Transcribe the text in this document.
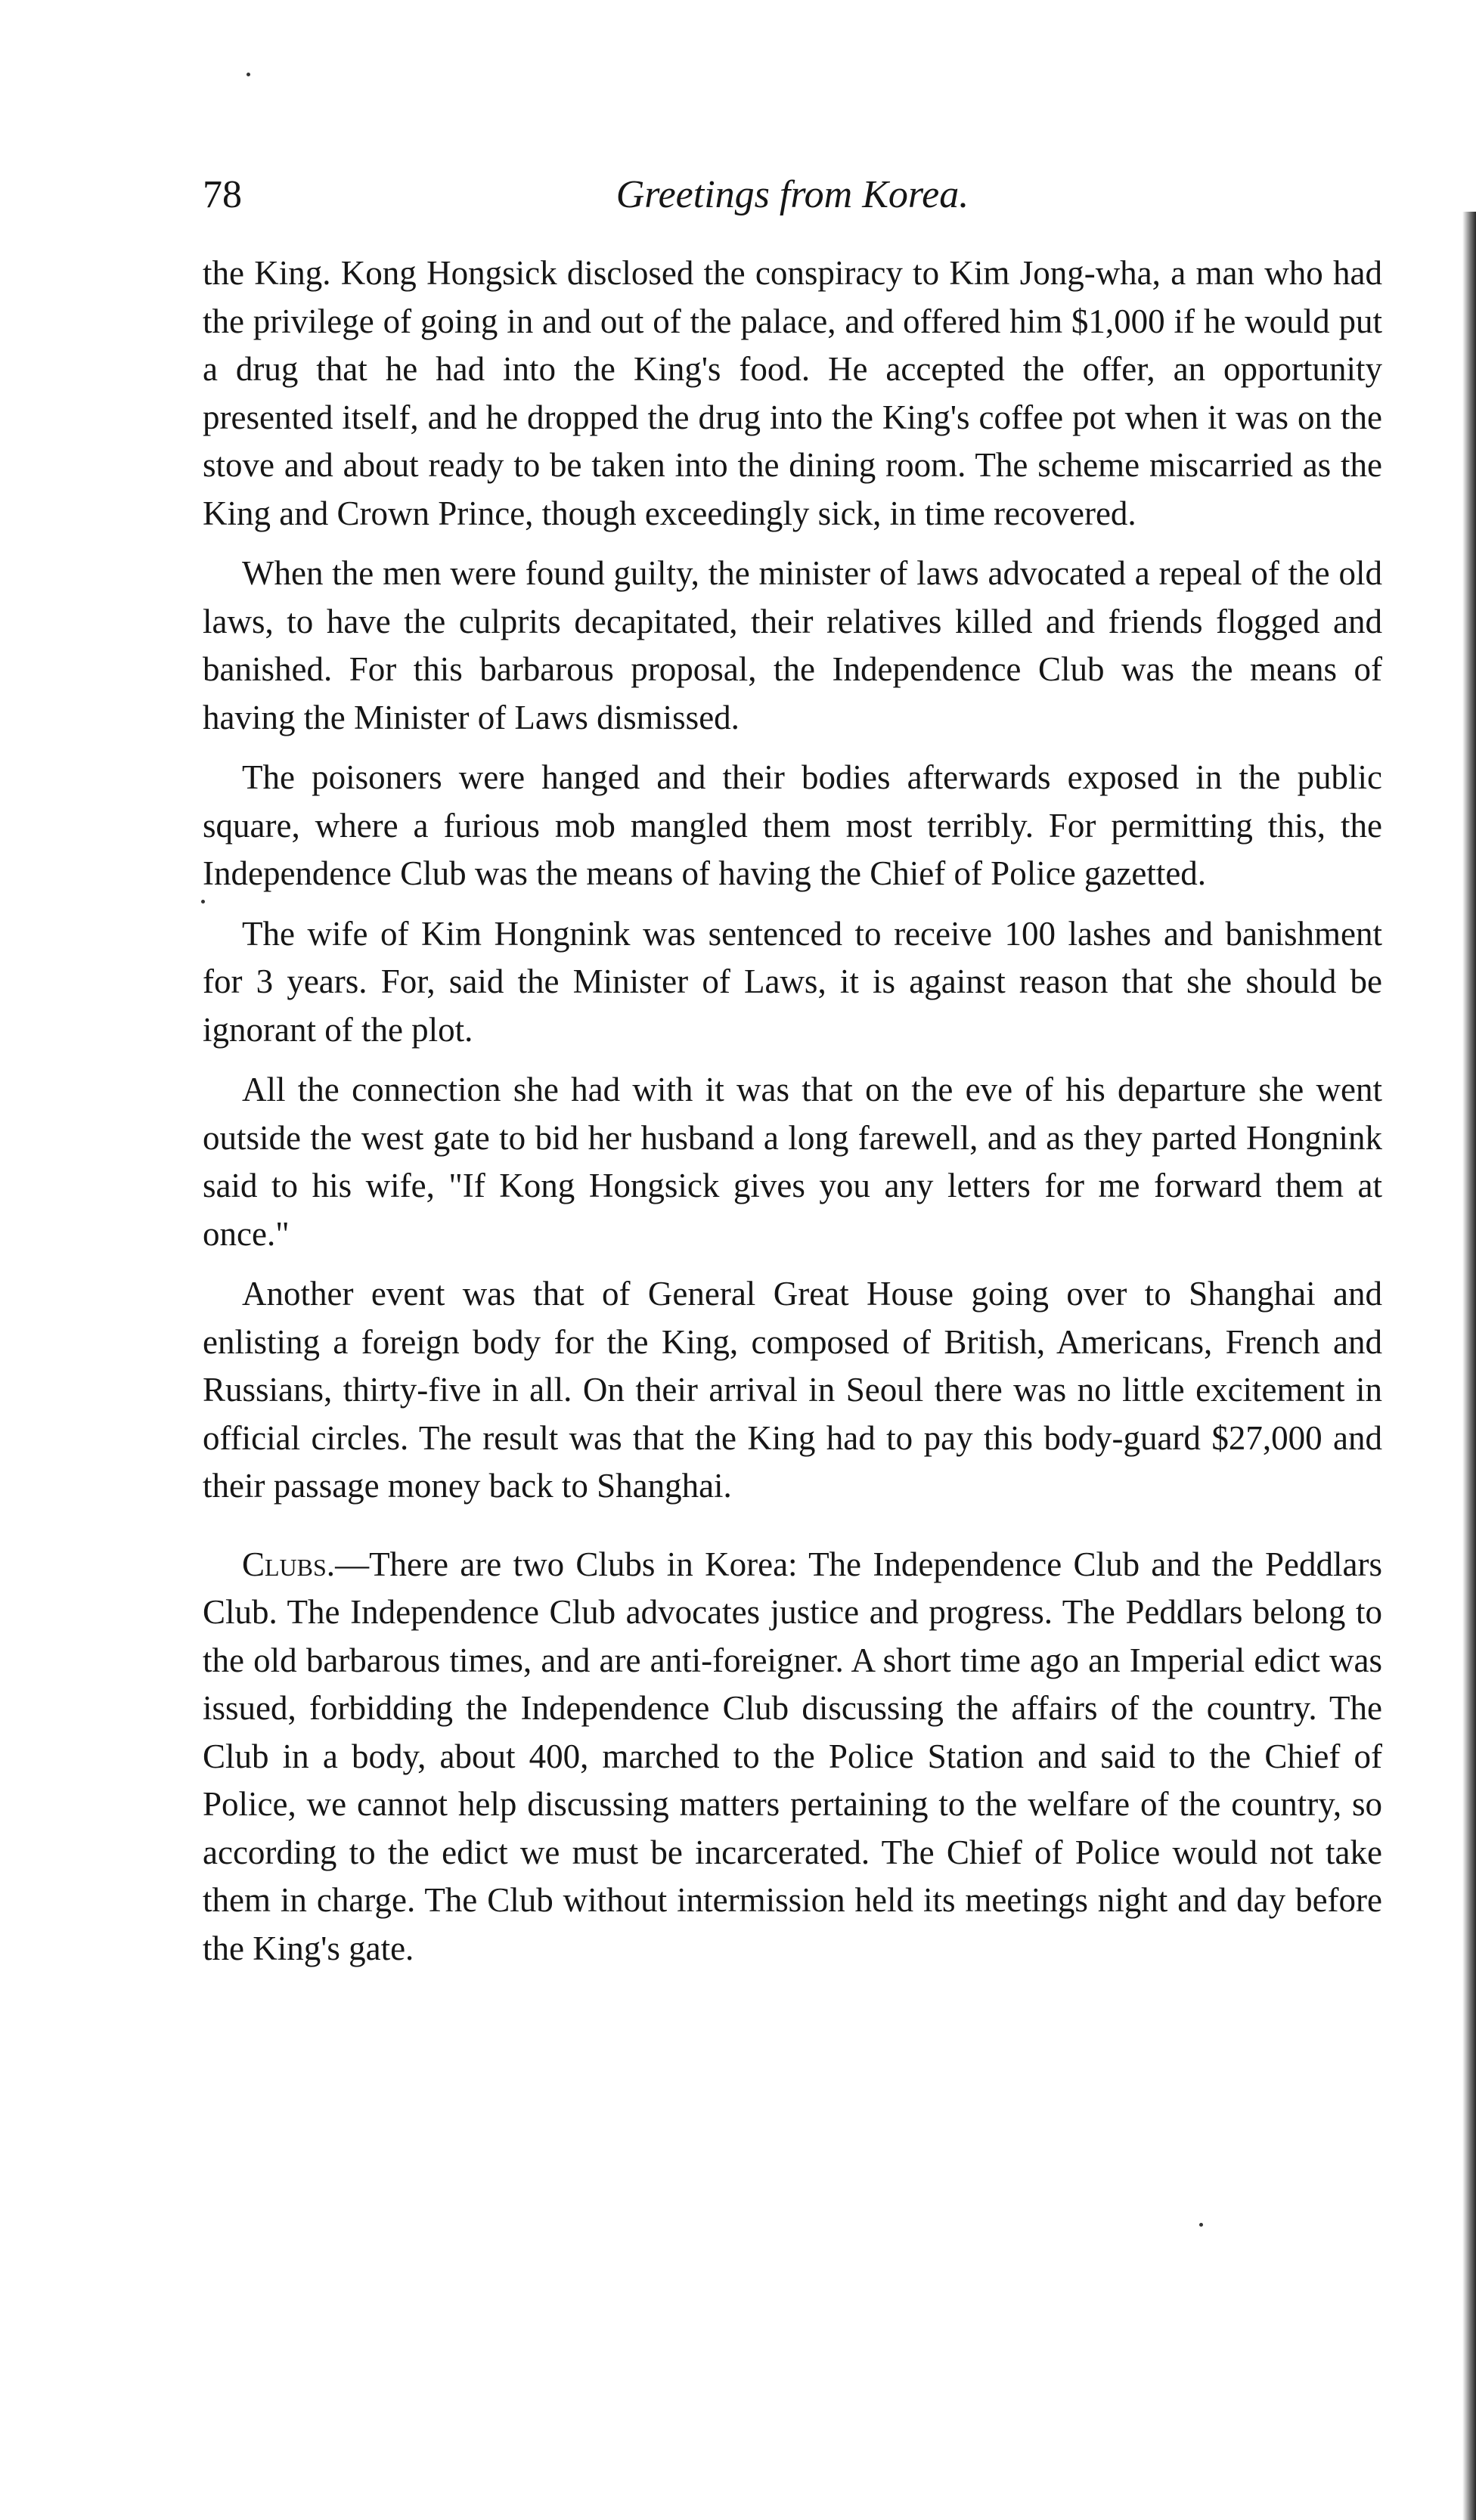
78	Greetings from Korea.

the King. Kong Hongsick disclosed the conspiracy to Kim Jong-wha, a man who had the privilege of going in and out of the palace, and offered him $1,000 if he would put a drug that he had into the King's food. He accepted the offer, an opportunity presented itself, and he dropped the drug into the King's coffee pot when it was on the stove and about ready to be taken into the dining room. The scheme miscarried as the King and Crown Prince, though exceedingly sick, in time recovered.

When the men were found guilty, the minister of laws advocated a repeal of the old laws, to have the culprits decapitated, their relatives killed and friends flogged and banished. For this barbarous proposal, the Independence Club was the means of having the Minister of Laws dismissed.

The poisoners were hanged and their bodies afterwards exposed in the public square, where a furious mob mangled them most terribly. For permitting this, the Independence Club was the means of having the Chief of Police gazetted.

The wife of Kim Hongnink was sentenced to receive 100 lashes and banishment for 3 years. For, said the Minister of Laws, it is against reason that she should be ignorant of the plot.

All the connection she had with it was that on the eve of his departure she went outside the west gate to bid her husband a long farewell, and as they parted Hongnink said to his wife, "If Kong Hongsick gives you any letters for me forward them at once."

Another event was that of General Great House going over to Shanghai and enlisting a foreign body for the King, composed of British, Americans, French and Russians, thirty-five in all. On their arrival in Seoul there was no little excitement in official circles. The result was that the King had to pay this body-guard $27,000 and their passage money back to Shanghai.

Clubs.—There are two Clubs in Korea: The Independence Club and the Peddlars Club. The Independence Club advocates justice and progress. The Peddlars belong to the old barbarous times, and are anti-foreigner. A short time ago an Imperial edict was issued, forbidding the Independence Club discussing the affairs of the country. The Club in a body, about 400, marched to the Police Station and said to the Chief of Police, we cannot help discussing matters pertaining to the welfare of the country, so according to the edict we must be incarcerated. The Chief of Police would not take them in charge. The Club without intermission held its meetings night and day before the King's gate.
